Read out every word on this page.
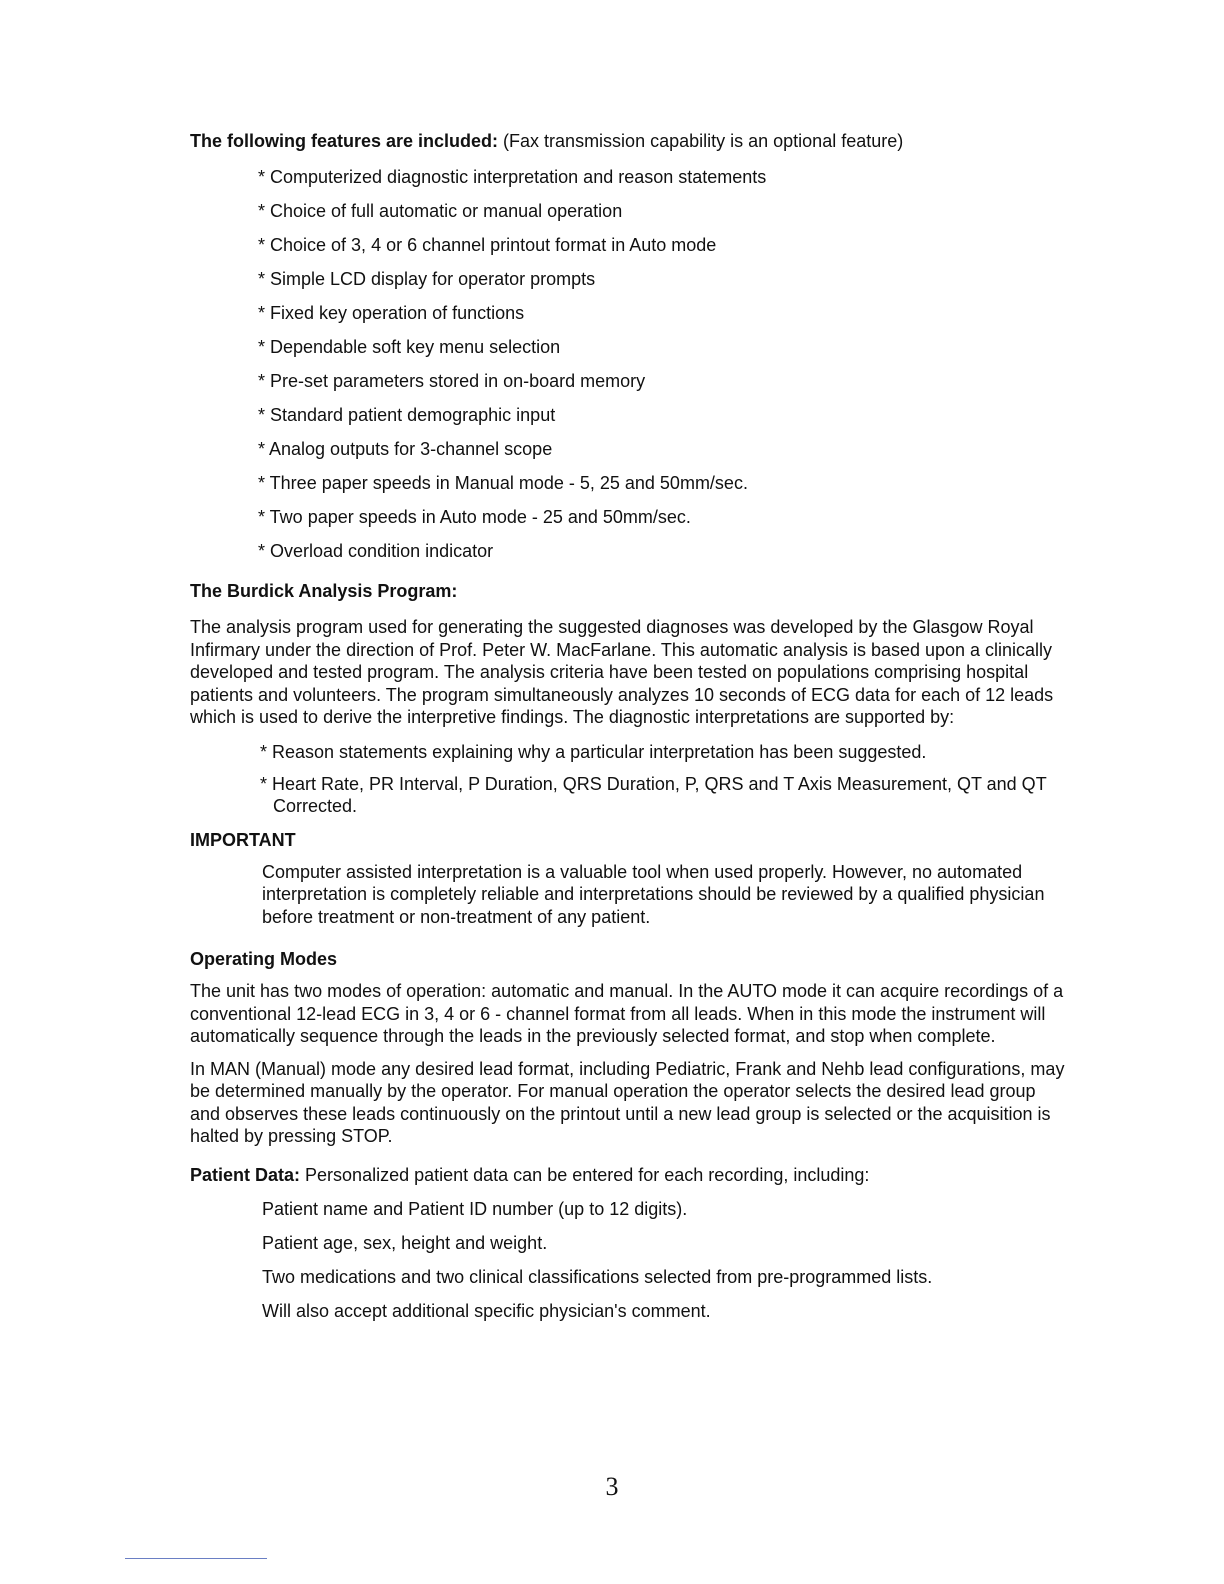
The following features are included: (Fax transmission capability is an optional feature)

* Computerized diagnostic interpretation and reason statements
* Choice of full automatic or manual operation
* Choice of 3, 4 or 6 channel printout format in Auto mode
* Simple LCD display for operator prompts
* Fixed key operation of functions
* Dependable soft key menu selection
* Pre-set parameters stored in on-board memory
* Standard patient demographic input
* Analog outputs for 3-channel scope
* Three paper speeds in Manual mode - 5, 25 and 50mm/sec.
* Two paper speeds in Auto mode - 25 and 50mm/sec.
* Overload condition indicator

The Burdick Analysis Program:

The analysis program used for generating the suggested diagnoses was developed by the Glasgow Royal Infirmary under the direction of Prof. Peter W. MacFarlane. This automatic analysis is based upon a clinically developed and tested program. The analysis criteria have been tested on populations comprising hospital patients and volunteers. The program simultaneously analyzes 10 seconds of ECG data for each of 12 leads which is used to derive the interpretive findings. The diagnostic interpretations are supported by:

* Reason statements explaining why a particular interpretation has been suggested.
* Heart Rate, PR Interval, P Duration, QRS Duration, P, QRS and T Axis Measurement, QT and QT Corrected.

IMPORTANT

Computer assisted interpretation is a valuable tool when used properly. However, no automated interpretation is completely reliable and interpretations should be reviewed by a qualified physician before treatment or non-treatment of any patient.

Operating Modes

The unit has two modes of operation: automatic and manual. In the AUTO mode it can acquire recordings of a conventional 12-lead ECG in 3, 4 or 6 - channel format from all leads. When in this mode the instrument will automatically sequence through the leads in the previously selected format, and stop when complete.

In MAN (Manual) mode any desired lead format, including Pediatric, Frank and Nehb lead configurations, may be determined manually by the operator. For manual operation the operator selects the desired lead group and observes these leads continuously on the printout until a new lead group is selected or the acquisition is halted by pressing STOP.

Patient Data: Personalized patient data can be entered for each recording, including:

Patient name and Patient ID number (up to 12 digits).
Patient age, sex, height and weight.
Two medications and two clinical classifications selected from pre-programmed lists.
Will also accept additional specific physician's comment.
3
